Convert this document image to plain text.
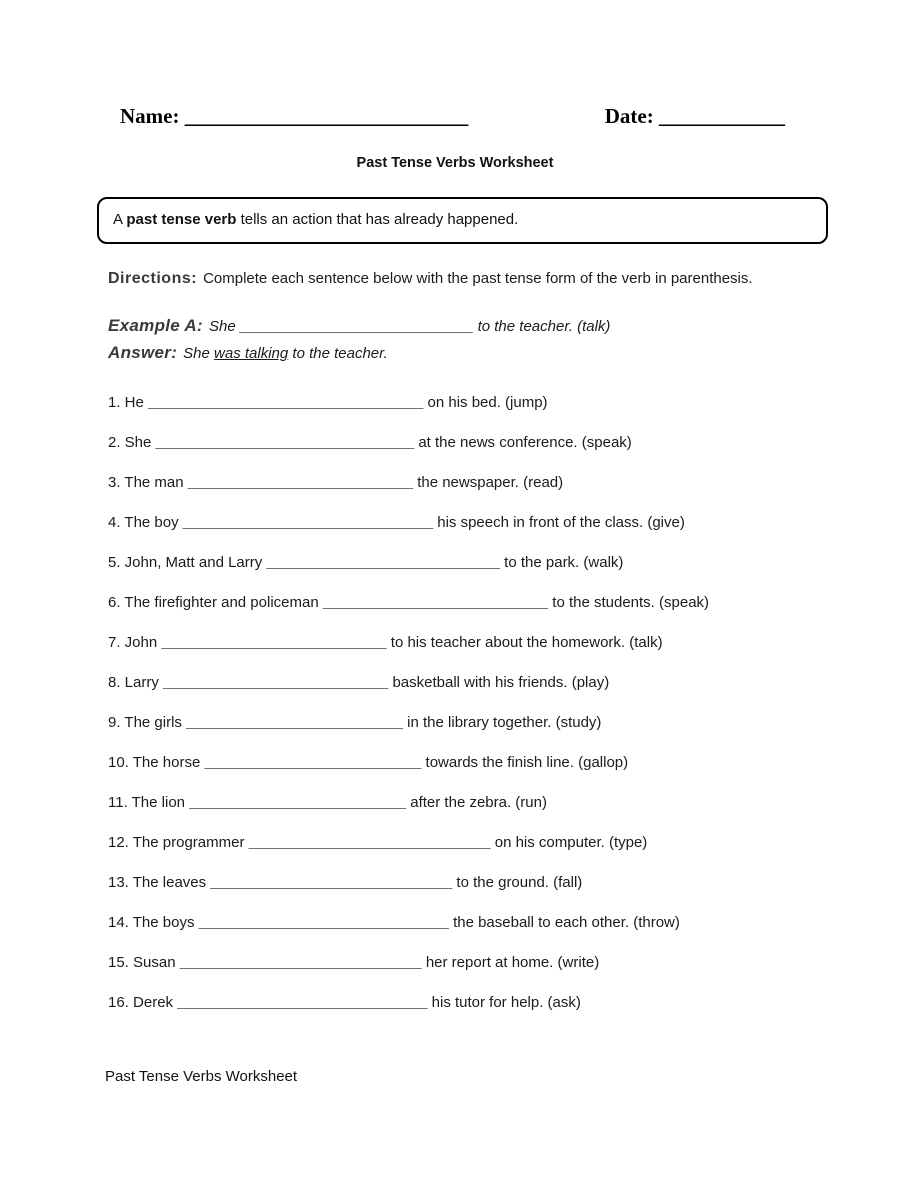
Name: ___________________________	Date: ____________
Past Tense Verbs Worksheet
A past tense verb tells an action that has already happened.
Directions: Complete each sentence below with the past tense form of the verb in parenthesis.
Example A: She ____________________________ to the teacher. (talk)
Answer: She was talking to the teacher.
1. He _________________________________ on his bed. (jump)
2. She _______________________________ at the news conference. (speak)
3. The man ___________________________ the newspaper. (read)
4. The boy ______________________________ his speech in front of the class. (give)
5. John, Matt and Larry ____________________________ to the park. (walk)
6. The firefighter and policeman ___________________________ to the students. (speak)
7. John ___________________________ to his teacher about the homework. (talk)
8. Larry ___________________________ basketball with his friends. (play)
9. The girls __________________________ in the library together. (study)
10. The horse __________________________ towards the finish line. (gallop)
11. The lion __________________________ after the zebra. (run)
12. The programmer _____________________________ on his computer. (type)
13. The leaves _____________________________ to the ground. (fall)
14. The boys ______________________________ the baseball to each other. (throw)
15. Susan _____________________________ her report at home. (write)
16. Derek ______________________________ his tutor for help. (ask)
Past Tense Verbs Worksheet
